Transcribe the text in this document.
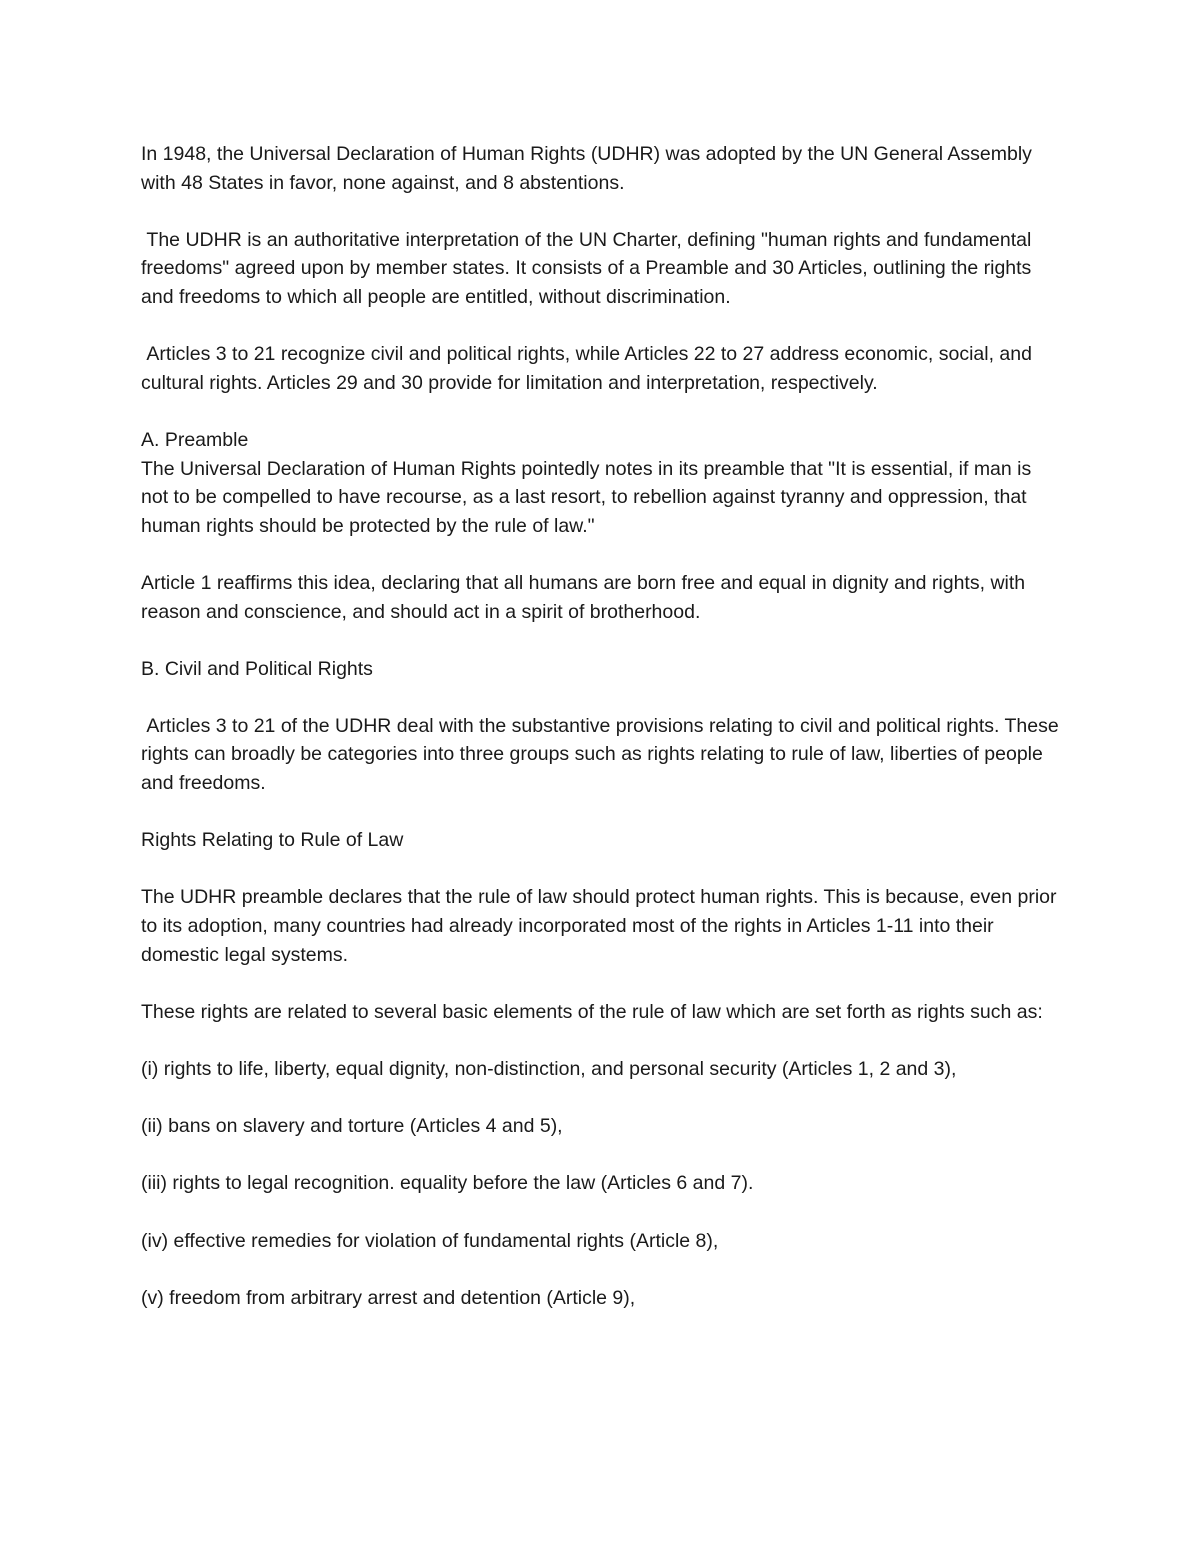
In 1948, the Universal Declaration of Human Rights (UDHR) was adopted by the UN General Assembly with 48 States in favor, none against, and 8 abstentions.

The UDHR is an authoritative interpretation of the UN Charter, defining "human rights and fundamental freedoms" agreed upon by member states. It consists of a Preamble and 30 Articles, outlining the rights and freedoms to which all people are entitled, without discrimination.

Articles 3 to 21 recognize civil and political rights, while Articles 22 to 27 address economic, social, and cultural rights. Articles 29 and 30 provide for limitation and interpretation, respectively.

A. Preamble

The Universal Declaration of Human Rights pointedly notes in its preamble that "It is essential, if man is not to be compelled to have recourse, as a last resort, to rebellion against tyranny and oppression, that human rights should be protected by the rule of law."

Article 1 reaffirms this idea, declaring that all humans are born free and equal in dignity and rights, with reason and conscience, and should act in a spirit of brotherhood.

B. Civil and Political Rights

Articles 3 to 21 of the UDHR deal with the substantive provisions relating to civil and political rights. These rights can broadly be categories into three groups such as rights relating to rule of law, liberties of people and freedoms.

Rights Relating to Rule of Law

The UDHR preamble declares that the rule of law should protect human rights. This is because, even prior to its adoption, many countries had already incorporated most of the rights in Articles 1-11 into their domestic legal systems.

These rights are related to several basic elements of the rule of law which are set forth as rights such as:

(i) rights to life, liberty, equal dignity, non-distinction, and personal security (Articles 1, 2 and 3),

(ii) bans on slavery and torture (Articles 4 and 5),

(iii) rights to legal recognition. equality before the law (Articles 6 and 7).

(iv) effective remedies for violation of fundamental rights (Article 8),

(v) freedom from arbitrary arrest and detention (Article 9),
